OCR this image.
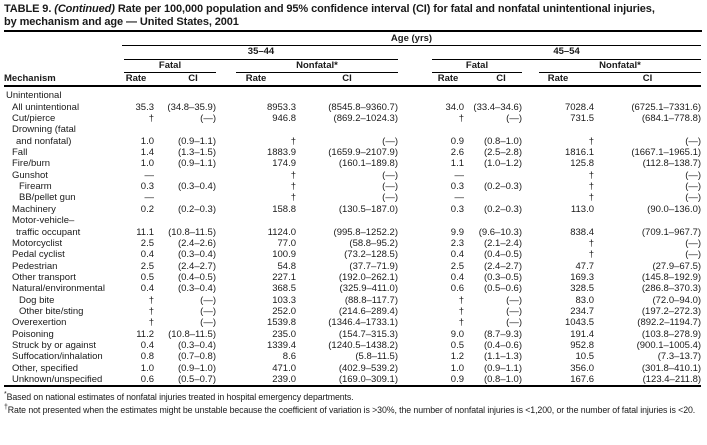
TABLE 9. (Continued) Rate per 100,000 population and 95% confidence interval (CI) for fatal and nonfatal unintentional injuries,
by mechanism and age — United States, 2001

	Age (yrs)								

	35–44					45–54			

	Fatal		Nonfatal*			Fatal		Nonfatal*	

Mechanism	Rate	CI	Rate	CI		Rate	CI	Rate	CI
Unintentional									
All unintentional	35.3	(34.8–35.9)	8953.3	(8545.8–9360.7)		34.0	(33.4–34.6)	7028.4	(6725.1–7331.6)
Cut/pierce	†	(—)	946.8	(869.2–1024.3)		†	(—)	731.5	(684.1–778.8)
Drowning (fatal
and nonfatal)	1.0	(0.9–1.1)	†	(—)		0.9	(0.8–1.0)	†	(—)
Fall	1.4	(1.3–1.5)	1883.9	(1659.9–2107.9)		2.6	(2.5–2.8)	1816.1	(1667.1–1965.1)
Fire/burn	1.0	(0.9–1.1)	174.9	(160.1–189.8)		1.1	(1.0–1.2)	125.8	(112.8–138.7)
Gunshot	—		†	(—)		—		†	(—)
Firearm	0.3	(0.3–0.4)	†	(—)		0.3	(0.2–0.3)	†	(—)
BB/pellet gun	—		†	(—)		—		†	(—)
Machinery	0.2	(0.2–0.3)	158.8	(130.5–187.0)		0.3	(0.2–0.3)	113.0	(90.0–136.0)
Motor-vehicle–
traffic occupant	11.1	(10.8–11.5)	1124.0	(995.8–1252.2)		9.9	(9.6–10.3)	838.4	(709.1–967.7)
Motorcyclist	2.5	(2.4–2.6)	77.0	(58.8–95.2)		2.3	(2.1–2.4)	†	(—)
Pedal cyclist	0.4	(0.3–0.4)	100.9	(73.2–128.5)		0.4	(0.4–0.5)	†	(—)
Pedestrian	2.5	(2.4–2.7)	54.8	(37.7–71.9)		2.5	(2.4–2.7)	47.7	(27.9–67.5)
Other transport	0.5	(0.4–0.5)	227.1	(192.0–262.1)		0.4	(0.3–0.5)	169.3	(145.8–192.9)
Natural/environmental	0.4	(0.3–0.4)	368.5	(325.9–411.0)		0.6	(0.5–0.6)	328.5	(286.8–370.3)
Dog bite	†	(—)	103.3	(88.8–117.7)		†	(—)	83.0	(72.0–94.0)
Other bite/sting	†	(—)	252.0	(214.6–289.4)		†	(—)	234.7	(197.2–272.3)
Overexertion	†	(—)	1539.8	(1346.4–1733.1)		†	(—)	1043.5	(892.2–1194.7)
Poisoning	11.2	(10.8–11.5)	235.0	(154.7–315.3)		9.0	(8.7–9.3)	191.4	(103.8–278.9)
Struck by or against	0.4	(0.3–0.4)	1339.4	(1240.5–1438.2)		0.5	(0.4–0.6)	952.8	(900.1–1005.4)
Suffocation/inhalation	0.8	(0.7–0.8)	8.6	(5.8–11.5)		1.2	(1.1–1.3)	10.5	(7.3–13.7)
Other, specified	1.0	(0.9–1.0)	471.0	(402.9–539.2)		1.0	(0.9–1.1)	356.0	(301.8–410.1)
Unknown/unspecified	0.6	(0.5–0.7)	239.0	(169.0–309.1)		0.9	(0.8–1.0)	167.6	(123.4–211.8)

*Based on national estimates of nonfatal injuries treated in hospital emergency departments.

†Rate not presented when the estimates might be unstable because the coefficient of variation is >30%, the number of nonfatal injuries is <1,200, or the number of fatal injuries is <20.
